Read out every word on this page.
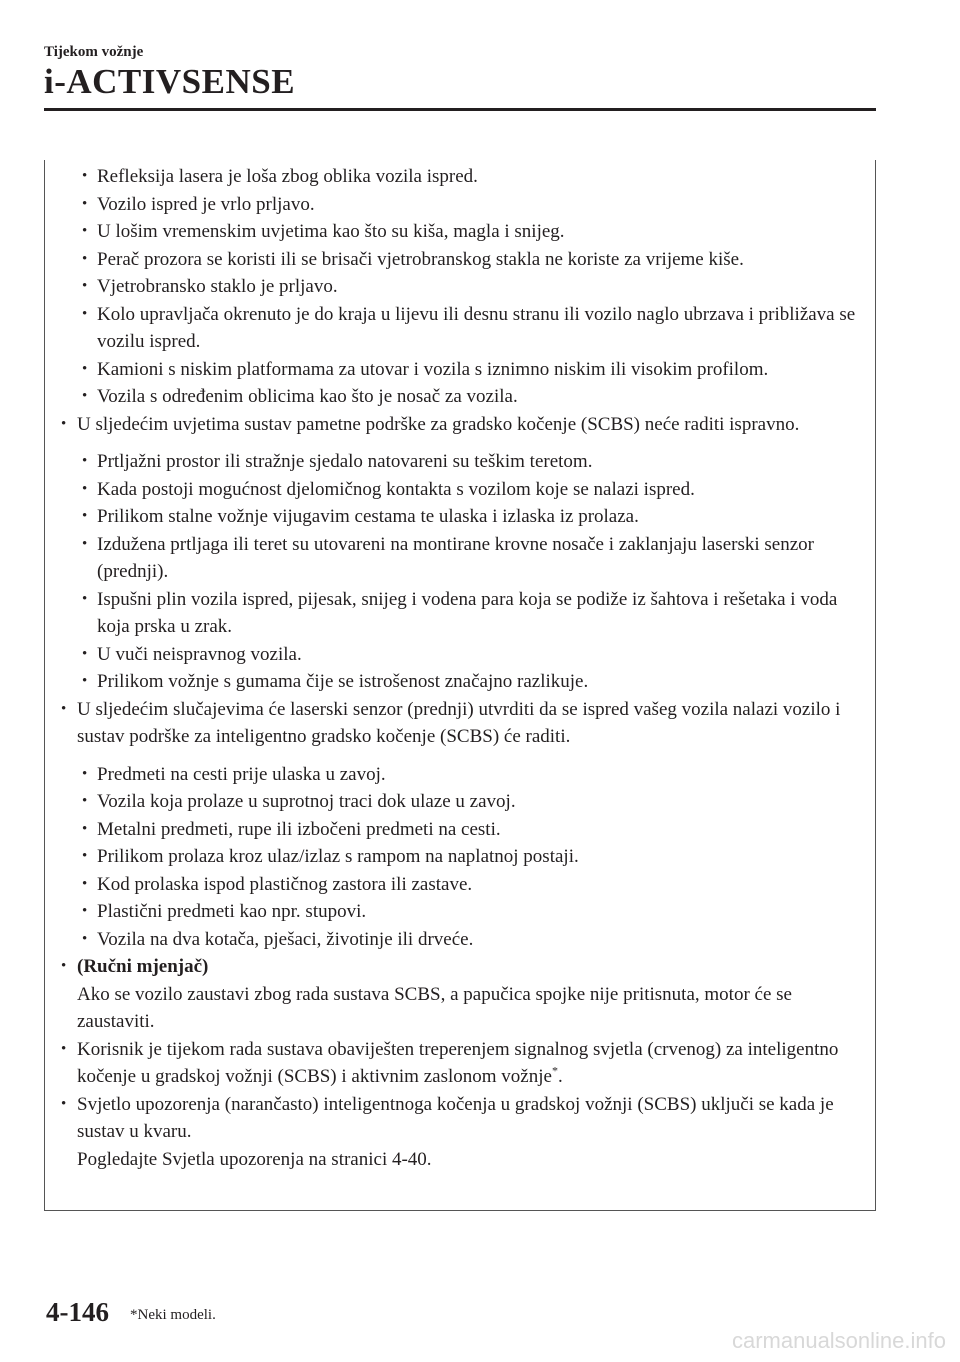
Tijekom vožnje
i-ACTIVSENSE
• Refleksija lasera je loša zbog oblika vozila ispred.
• Vozilo ispred je vrlo prljavo.
• U lošim vremenskim uvjetima kao što su kiša, magla i snijeg.
• Perač prozora se koristi ili se brisači vjetrobranskog stakla ne koriste za vrijeme kiše.
• Vjetrobransko staklo je prljavo.
• Kolo upravljača okrenuto je do kraja u lijevu ili desnu stranu ili vozilo naglo ubrzava i približava se vozilu ispred.
• Kamioni s niskim platformama za utovar i vozila s iznimno niskim ili visokim profilom.
• Vozila s određenim oblicima kao što je nosač za vozila.
• U sljedećim uvjetima sustav pametne podrške za gradsko kočenje (SCBS) neće raditi ispravno.
• Prtljažni prostor ili stražnje sjedalo natovareni su teškim teretom.
• Kada postoji mogućnost djelomičnog kontakta s vozilom koje se nalazi ispred.
• Prilikom stalne vožnje vijugavim cestama te ulaska i izlaska iz prolaza.
• Izdužena prtljaga ili teret su utovareni na montirane krovne nosače i zaklanjaju laserski senzor (prednji).
• Ispušni plin vozila ispred, pijesak, snijeg i vodena para koja se podiže iz šahtova i rešetaka i voda koja prska u zrak.
• U vuči neispravnog vozila.
• Prilikom vožnje s gumama čije se istrošenost značajno razlikuje.
• U sljedećim slučajevima će laserski senzor (prednji) utvrditi da se ispred vašeg vozila nalazi vozilo i sustav podrške za inteligentno gradsko kočenje (SCBS) će raditi.
• Predmeti na cesti prije ulaska u zavoj.
• Vozila koja prolaze u suprotnoj traci dok ulaze u zavoj.
• Metalni predmeti, rupe ili izbočeni predmeti na cesti.
• Prilikom prolaza kroz ulaz/izlaz s rampom na naplatnoj postaji.
• Kod prolaska ispod plastičnog zastora ili zastave.
• Plastični predmeti kao npr. stupovi.
• Vozila na dva kotača, pješaci, životinje ili drveće.
• (Ručni mjenjač)
Ako se vozilo zaustavi zbog rada sustava SCBS, a papučica spojke nije pritisnuta, motor će se zaustaviti.
• Korisnik je tijekom rada sustava obaviješten treperenjem signalnog svjetla (crvenog) za inteligentno kočenje u gradskoj vožnji (SCBS) i aktivnim zaslonom vožnje*.
• Svjetlo upozorenja (narančasto) inteligentnoga kočenja u gradskoj vožnji (SCBS) uključi se kada je sustav u kvaru.
Pogledajte Svjetla upozorenja na stranici 4-40.
4-146 *Neki modeli.
carmanualsonline.info
